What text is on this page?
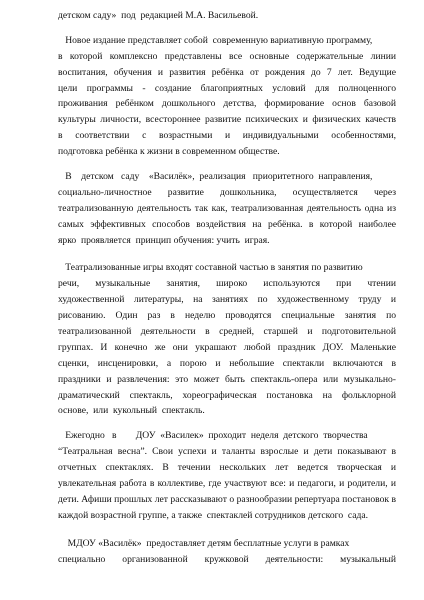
детском саду»  под  редакцией М.А. Васильевой.
Новое издание представляет собой  современную вариативную программу,
в которой комплексно представлены все основные содержательные линии
воспитания, обучения и развития ребёнка от рождения до 7 лет. Ведущие
цели программы - создание благоприятных условий для полноценного
проживания ребёнком дошкольного детства, формирование основ базовой
культуры личности, всестороннее развитие психических и физических качеств
в соответствии с возрастными и индивидуальными особенностями,
подготовка ребёнка к жизни в современном обществе.
В    детском   саду    «Василёк»,  реализация   приоритетного  направления,
социально-личностное развитие дошкольника, осуществляется через
театрализованную деятельность так как, театрализованная деятельность одна из
самых эффективных способов воздействия на ребёнка. в которой наиболее
ярко  проявляется  принцип обучения: учить  играя.
Театрализованные игры входят составной частью в занятия по развитию
речи, музыкальные занятия, широко используются при чтении
художественной литературы, на занятиях по художественному труду и
рисованию. Один раз в неделю проводятся специальные занятия по
театрализованной деятельности в средней, старшей и подготовительной
группах. И конечно же они украшают любой праздник ДОУ. Маленькие
сценки, инсценировки, а порою и небольшие спектакли включаются в
праздники и развлечения: это может быть спектакль-опера или музыкально-
драматический спектакль, хореографическая постановка на фольклорной
основе,  или  кукольный  спектакль.
Ежегодно   в        ДОУ  «Василек»  проходит  неделя  детского  творчества
“Театральная весна”. Свои успехи и таланты взрослые и дети показывают в
отчетных спектаклях. В течении нескольких лет ведется творческая и
увлекательная работа в коллективе, где участвуют все: и педагоги, и родители, и
дети. Афиши прошлых лет рассказывают о разнообразии репертуара постановок в
каждой возрастной группе, а также  спектаклей сотрудников детского  сада.
МДОУ «Василёк»  предоставляет детям бесплатные услуги в рамках
специально организованной кружковой деятельности: музыкальный
